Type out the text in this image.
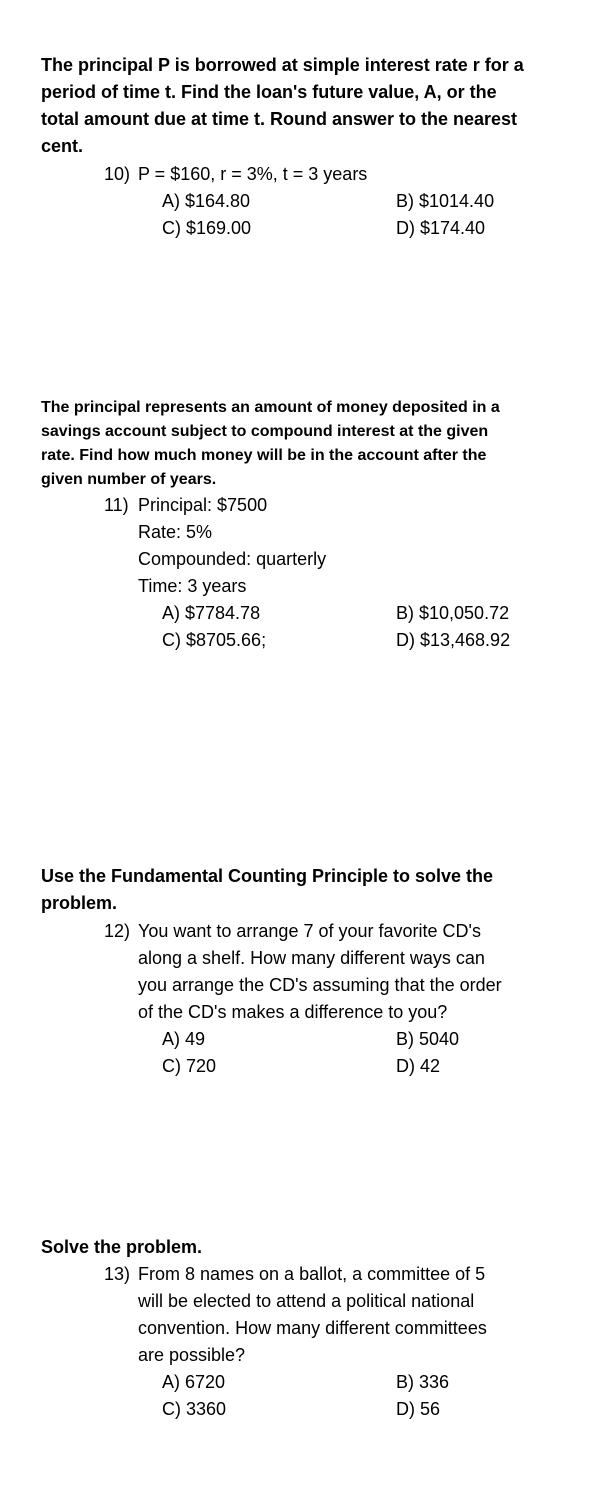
The principal P is borrowed at simple interest rate r for a
period of time t. Find the loan's future value, A, or the
total amount due at time t. Round answer to the nearest
cent.
10) P = $160, r = 3%, t = 3 years
A) $164.80	B) $1014.40
C) $169.00	D) $174.40
The principal represents an amount of money deposited in a
savings account subject to compound interest at the given
rate. Find how much money will be in the account after the
given number of years.
11) Principal: $7500
Rate: 5%
Compounded: quarterly
Time: 3 years
A) $7784.78	B) $10,050.72
C) $8705.66;	D) $13,468.92
Use the Fundamental Counting Principle to solve the
problem.
12) You want to arrange 7 of your favorite CD's
along a shelf. How many different ways can
you arrange the CD's assuming that the order
of the CD's makes a difference to you?
A) 49	B) 5040
C) 720	D) 42
Solve the problem.
13) From 8 names on a ballot, a committee of 5
will be elected to attend a political national
convention. How many different committees
are possible?
A) 6720	B) 336
C) 3360	D) 56
